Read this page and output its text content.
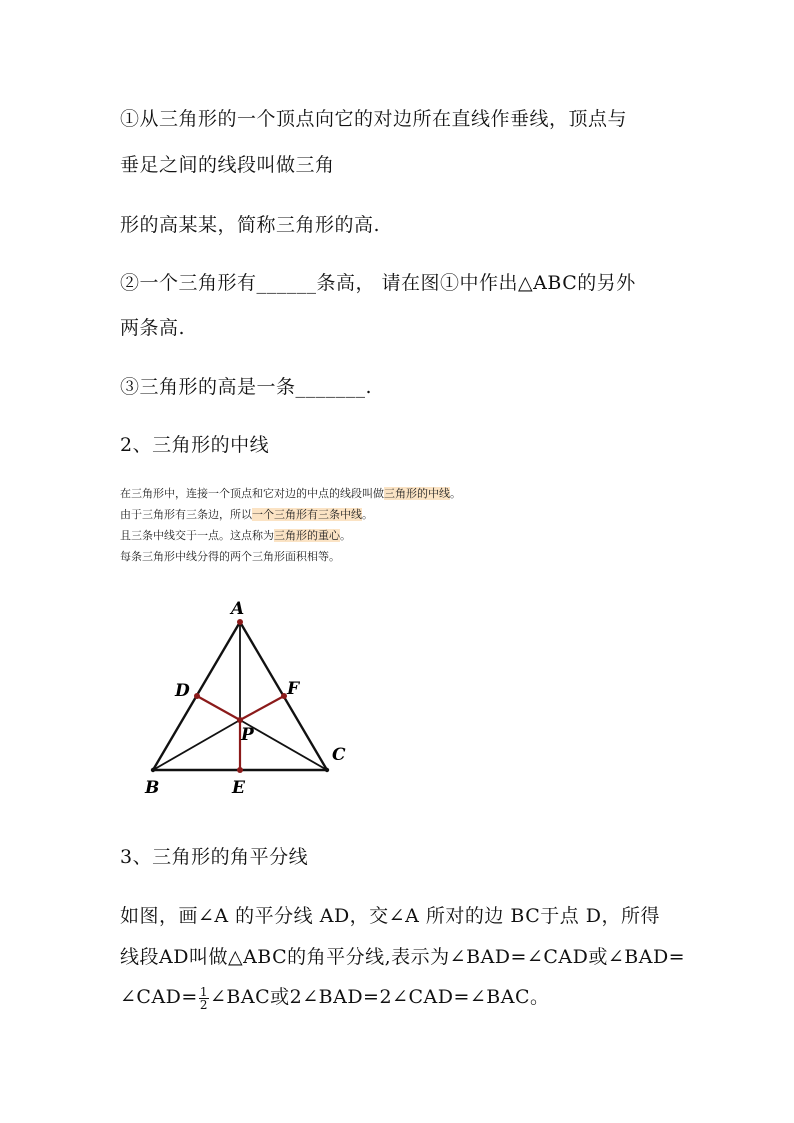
①从三角形的一个顶点向它的对边所在直线作垂线，顶点与
垂足之间的线段叫做三角
形的高某某，简称三角形的高.
②一个三角形有______条高， 请在图①中作出△ABC的另外
两条高.
③三角形的高是一条_______.
2、三角形的中线
在三角形中，连接一个顶点和它对边的中点的线段叫做三角形的中线。
由于三角形有三条边，所以一个三角形有三条中线。
且三条中线交于一点。这点称为三角形的重心。
每条三角形中线分得的两个三角形面积相等。
A
B
C
D
E
F
P
3、三角形的角平分线
如图，画∠A 的平分线 AD，交∠A 所对的边 BC于点 D，所得
线段AD叫做△ABC的角平分线,表示为∠BAD=∠CAD或∠BAD=
∠CAD= $\frac{1}{2}$ ∠BAC或2∠BAD=2∠CAD=∠BAC。
